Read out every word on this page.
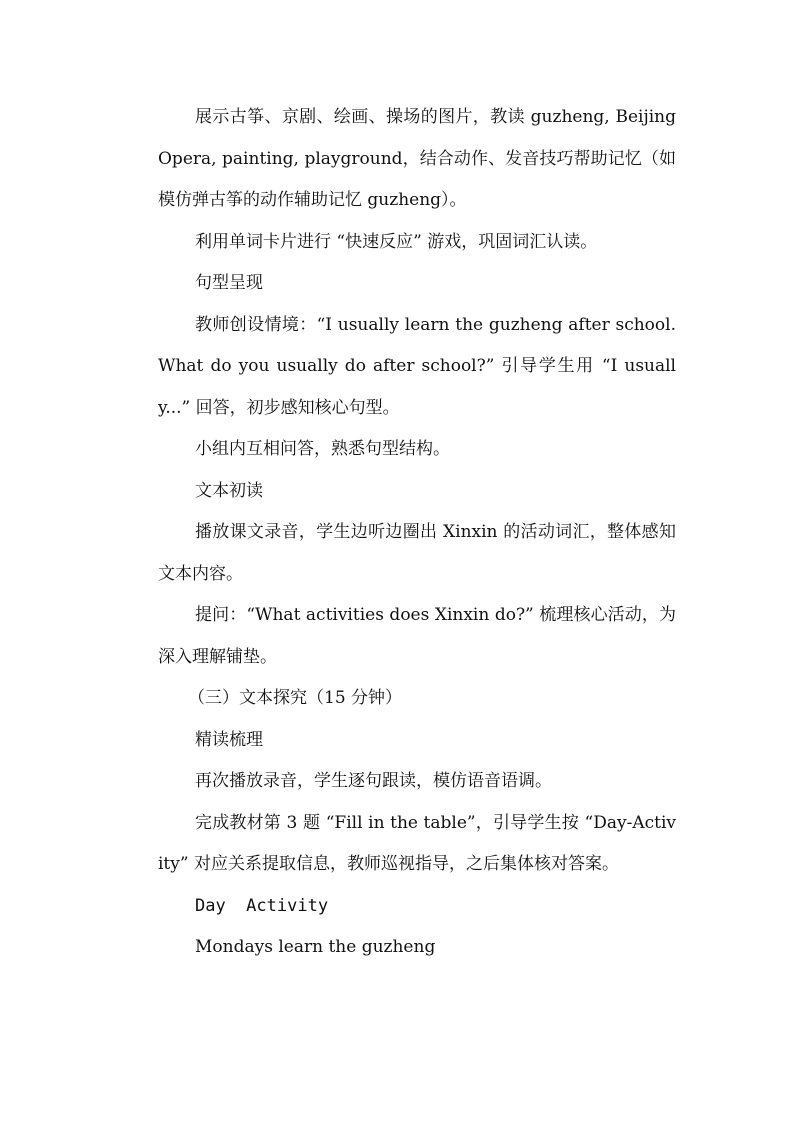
展示古筝、京剧、绘画、操场的图片，教读 guzheng, Beijing Opera, painting, playground，结合动作、发音技巧帮助记忆（如模仿弹古筝的动作辅助记忆 guzheng）。

利用单词卡片进行 “快速反应” 游戏，巩固词汇认读。

句型呈现

教师创设情境：“I usually learn the guzheng after school. What do you usually do after school?” 引导学生用 “I usually...” 回答，初步感知核心句型。

小组内互相问答，熟悉句型结构。

文本初读

播放课文录音，学生边听边圈出 Xinxin 的活动词汇，整体感知文本内容。

提问：“What activities does Xinxin do?” 梳理核心活动，为深入理解铺垫。

（三）文本探究（15 分钟）

精读梳理

再次播放录音，学生逐句跟读，模仿语音语调。

完成教材第 3 题 “Fill in the table”，引导学生按 “Day-Activity” 对应关系提取信息，教师巡视指导，之后集体核对答案。

Day  Activity

Mondays learn the guzheng
